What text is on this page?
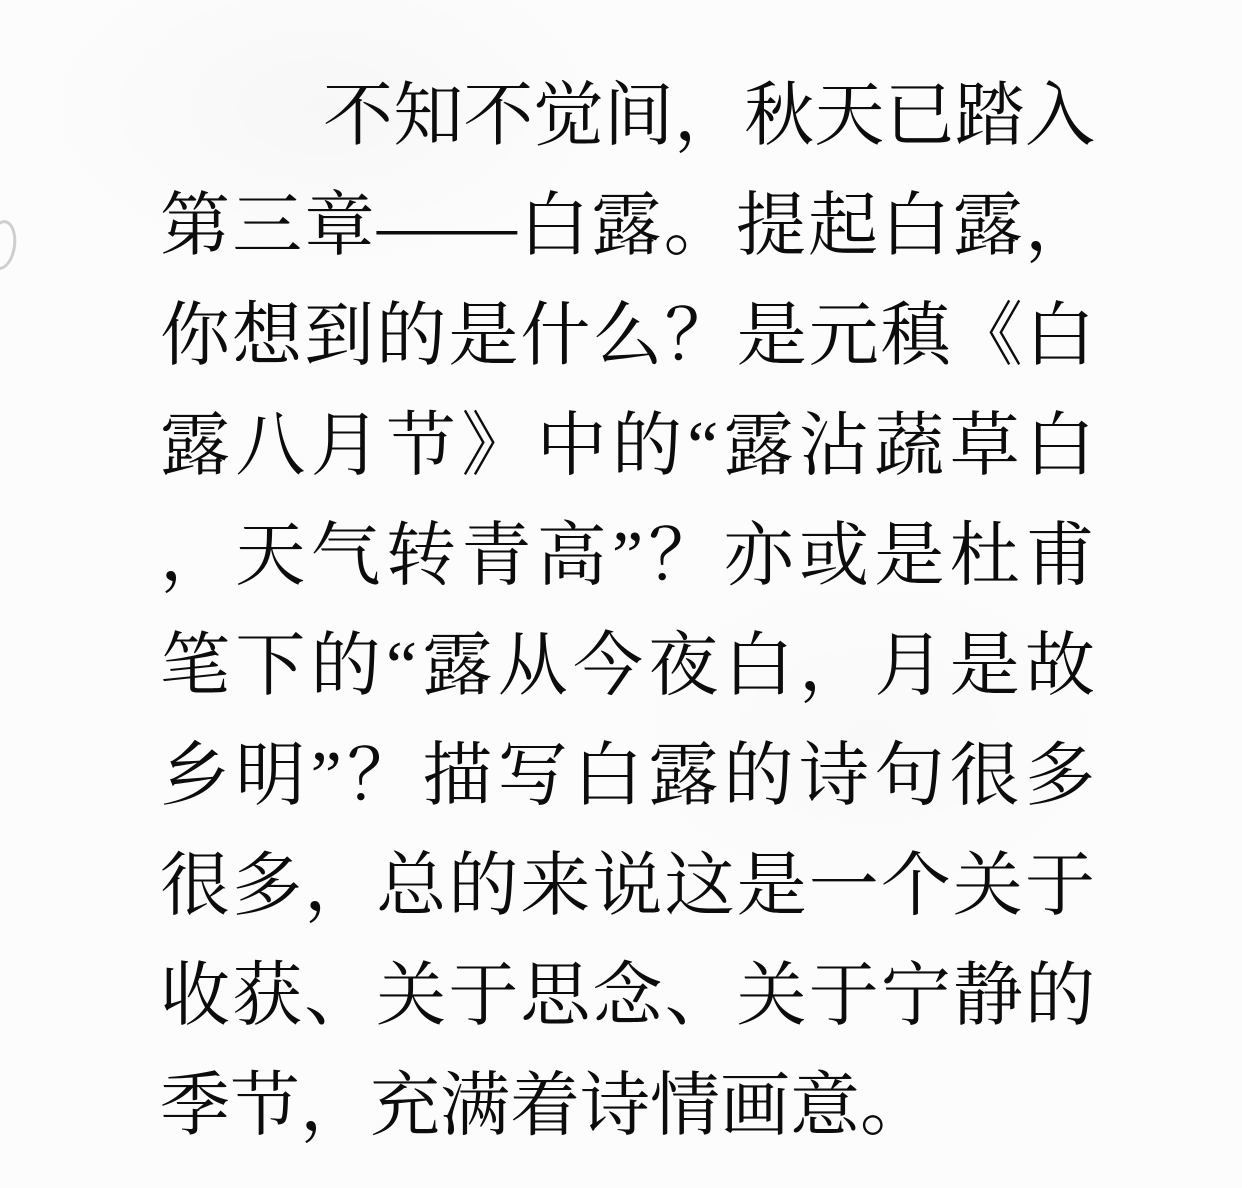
不知不觉间，秋天已踏入
第三章——白露。提起白露，
你想到的是什么？是元稹《白
露八月节》中的“露沾蔬草白
，天气转青高”？亦或是杜甫
笔下的“露从今夜白，月是故
乡明”？描写白露的诗句很多
很多，总的来说这是一个关于
收获、关于思念、关于宁静的
季节，充满着诗情画意。
